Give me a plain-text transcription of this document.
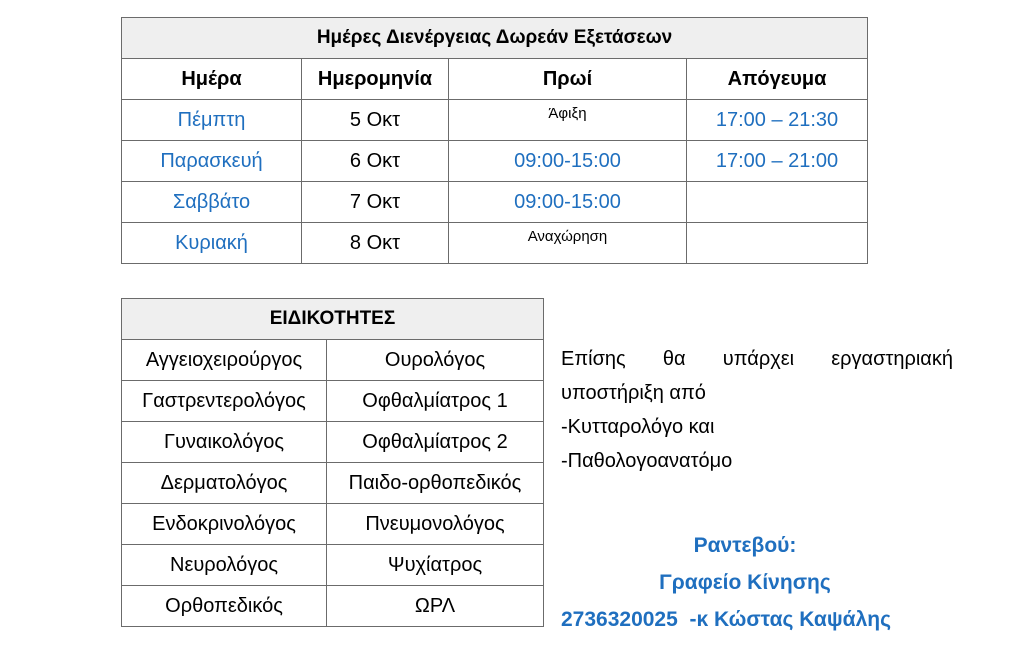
Ημέρες Διενέργειας Δωρεάν Εξετάσεων			
Ημέρα	Ημερομηνία	Πρωί	Απόγευμα
Πέμπτη	5 Οκτ	Άφιξη	17:00 – 21:30
Παρασκευή	6 Οκτ	09:00-15:00	17:00 – 21:00
Σαββάτο	7 Οκτ	09:00-15:00	
Κυριακή	8 Οκτ	Αναχώρηση	
ΕΙΔΙΚΟΤΗΤΕΣ	
Αγγειοχειρούργος	Ουρολόγος
Γαστρεντερολόγος	Οφθαλμίατρος 1
Γυναικολόγος	Οφθαλμίατρος 2
Δερματολόγος	Παιδο-ορθοπεδικός
Ενδοκρινολόγος	Πνευμονολόγος
Νευρολόγος	Ψυχίατρος
Ορθοπεδικός	ΩΡΛ
Επίσης θα υπάρχει εργαστηριακή
υποστήριξη από
-Κυτταρολόγο και
-Παθολογοανατόμο
Ραντεβού:
Γραφείο Κίνησης
2736320025  -κ Κώστας Καψάλης
